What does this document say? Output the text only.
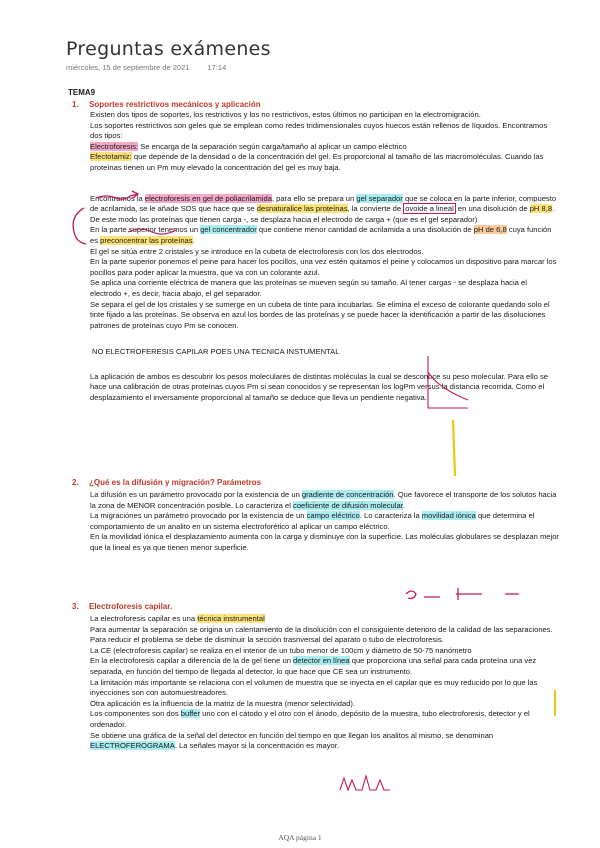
Preguntas exámenes
miércoles, 15 de septiembre de 2021 17:14
TEMA9
1. Soportes restrictivos mecánicos y aplicación

Existen dos tipos de soportes, los restrictivos y los no restrictivos, estos últimos no participan en la electromigración.

Los soportes restrictivos son geles que se emplean como redes tridimensionales cuyos huecos están rellenos de líquidos. Encontramos dos tipos:

Electroforesis: Se encarga de la separación según carga/tamaño al aplicar un campo eléctrico

Efectotamiz: que depende de la densidad o de la concentración del gel. Es proporcional al tamaño de las macromoléculas. Cuando las proteínas tienen un Pm muy elevado la concentración del gel es muy baja.

Encontramos la electroforesis en gel de poliacrilamida, para ello se prepara un gel separador que se coloca en la parte inferior, compuesto de acrilamida, se le añade SDS que hace que se desnaturalice las proteínas, la convierte de ovoide a lineal en una disolución de pH 8,8. De este modo las proteínas que tienen carga -, se desplaza hacia el electrodo de carga + (que es el gel separador)

En la parte superior tenemos un gel concentrador que contiene menor cantidad de acrilamida a una disolución de pH de 6,8 cuya función es preconcentrar las proteínas.

El gel se sitúa entre 2 cristales y se introduce en la cubeta de electroforesis con los dos electrodos.

En la parte superior ponemos el peine para hacer los pocillos, una vez estén quitamos el peine y colocamos un dispositivo para marcar los pocillos para poder aplicar la muestra, que va con un colorante azul.

Se aplica una corriente eléctrica de manera que las proteínas se mueven según su tamaño. Al tener cargas - se desplaza hacia el electrodo +, es decir, hacia abajo, el gel separador.

Se separa el gel de los cristales y se sumerge en un cubeta de tinte para incubarlas. Se elimina el exceso de colorante quedando solo el tinte fijado a las proteínas. Se observa en azul los bordes de las proteínas y se puede hacer la identificación a partir de las disoluciones patrones de proteínas cuyo Pm se conocen.

NO ELECTROFERESIS CAPILAR POES UNA TECNICA INSTUMENTAL

La aplicación de ambos es descubrir los pesos moleculares de distintas moléculas la cual se desconoce su peso molecular. Para ello se hace una calibración de otras proteínas cuyos Pm si sean conocidos y se representan los logPm versus la distancia recorrida. Como el desplazamiento el inversamente proporcional al tamaño se deduce que lleva un pendiente negativa.

2. ¿Qué es la difusión y migración? Parámetros

La difusión es un parámetro provocado por la existencia de un gradiente de concentración. Que favorece el transporte de los solutos hacia la zona de MENOR concentración posible. Lo caracteriza el coeficiente de difusión molecular.

La migraciónes un parámetro provocado por la existencia de un campo eléctrico. Lo caracteriza la movilidad iónica que determina el comportamiento de un analito en un sistema electroforético al aplicar un campo eléctrico.

En la movilidad iónica el desplazamiento aumenta con la carga y disminuye con la superficie. Las moléculas globulares se desplazan mejor que la lineal es ya que tienen menor superficie.

3. Electroforesis capilar.

La electroforesis capilar es una técnica instrumental

Para aumentar la separación se origina un calentamiento de la disolución con el consiguiente deterioro de la calidad de las separaciones. Para reducir el problema se debe de disminuir la sección trasnversal del aparato o tubo de electroforesis.

La CE (electroforesis capilar) se realiza en el interior de un tubo menor de 100cm y diámetro de 50-75 nanómetro

En la electroforesis capilar a diferencia de la de gel tiene un detector en línea que proporciona una señal para cada proteína una vez separada, en función del tiempo de llegada al detector, lo que hace que CE sea un instrumento.

La limitación más importante se relaciona con el volumen de muestra que se inyecta en el capilar que es muy reducido por lo que las inyecciones son con automuestreadores.

Otra aplicación es la influencia de la matriz de la muestra (menor selectividad).

Los componentes son dos buffer uno con el cátodo y el otro con el ánodo, depósito de la muestra, tubo electroforesis, detector y el ordenador.

Se obtiene una gráfica de la señal del detector en función del tiempo en que llegan los analitos al mismo, se denominan ELECTROFEROGRAMA. La señales mayor si la concentración es mayor.

AQA página 1
